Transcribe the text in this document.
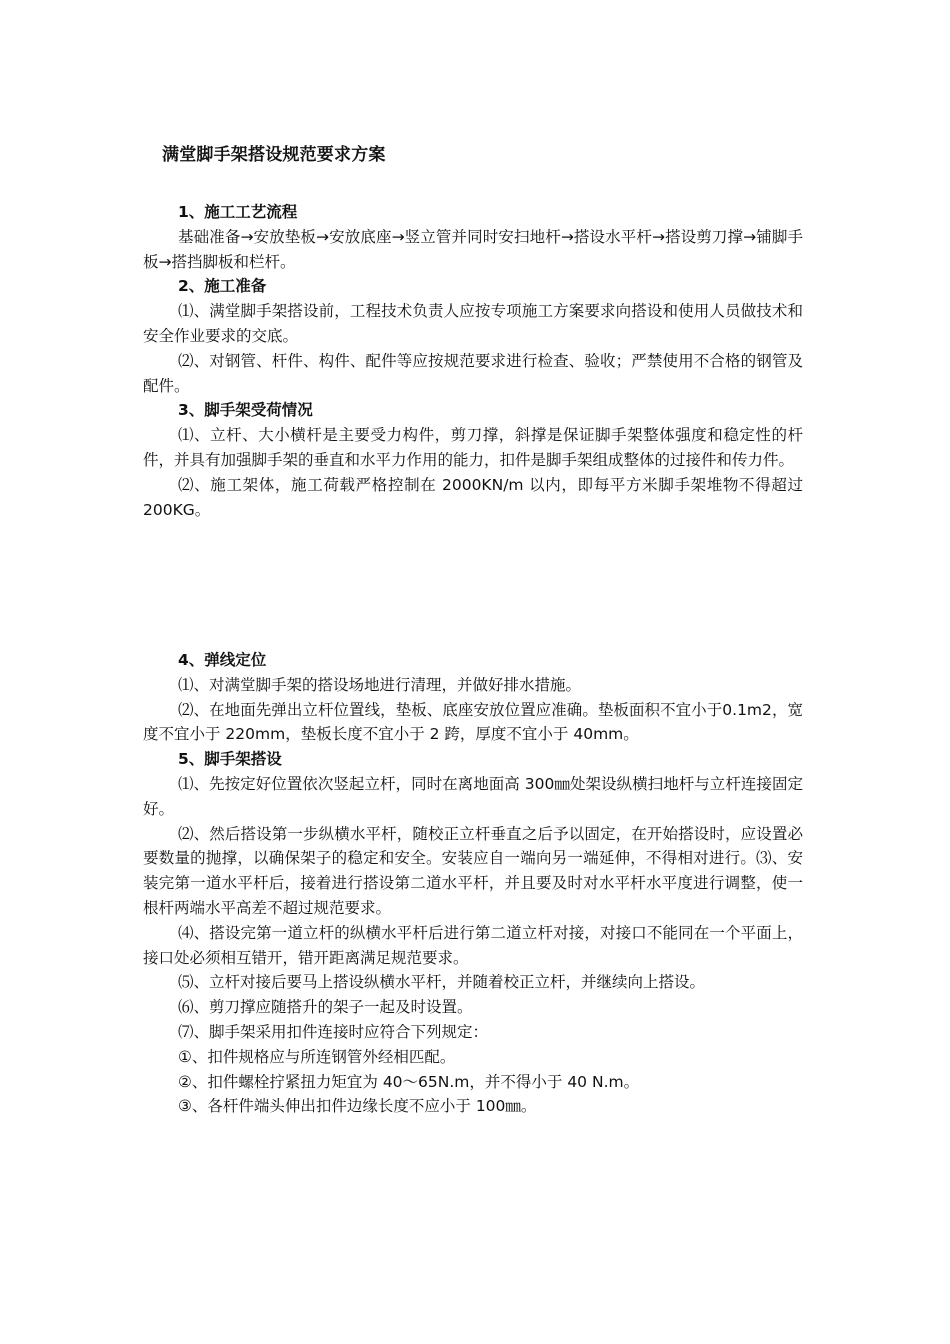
满堂脚手架搭设规范要求方案

1、施工工艺流程

基础准备→安放垫板→安放底座→竖立管并同时安扫地杆→搭设水平杆→搭设剪刀撑→铺脚手板→搭挡脚板和栏杆。

2、施工准备

⑴、满堂脚手架搭设前，工程技术负责人应按专项施工方案要求向搭设和使用人员做技术和安全作业要求的交底。

⑵、对钢管、杆件、构件、配件等应按规范要求进行检查、验收；严禁使用不合格的钢管及配件。

3、脚手架受荷情况

⑴、立杆、大小横杆是主要受力构件，剪刀撑，斜撑是保证脚手架整体强度和稳定性的杆件，并具有加强脚手架的垂直和水平力作用的能力，扣件是脚手架组成整体的过接件和传力件。

⑵、施工架体，施工荷载严格控制在 2000KN/m 以内，即每平方米脚手架堆物不得超过 200KG。

4、弹线定位

⑴、对满堂脚手架的搭设场地进行清理，并做好排水措施。

⑵、在地面先弹出立杆位置线，垫板、底座安放位置应准确。垫板面积不宜小于0.1m2，宽度不宜小于 220mm，垫板长度不宜小于 2 跨，厚度不宜小于 40mm。

5、脚手架搭设

⑴、先按定好位置依次竖起立杆，同时在离地面高 300㎜处架设纵横扫地杆与立杆连接固定好。

⑵、然后搭设第一步纵横水平杆，随校正立杆垂直之后予以固定，在开始搭设时，应设置必要数量的抛撑，以确保架子的稳定和安全。安装应自一端向另一端延伸，不得相对进行。⑶、安装完第一道水平杆后，接着进行搭设第二道水平杆，并且要及时对水平杆水平度进行调整，使一根杆两端水平高差不超过规范要求。

⑷、搭设完第一道立杆的纵横水平杆后进行第二道立杆对接，对接口不能同在一个平面上，接口处必须相互错开，错开距离满足规范要求。

⑸、立杆对接后要马上搭设纵横水平杆，并随着校正立杆，并继续向上搭设。

⑹、剪刀撑应随搭升的架子一起及时设置。

⑺、脚手架采用扣件连接时应符合下列规定：

①、扣件规格应与所连钢管外经相匹配。

②、扣件螺栓拧紧扭力矩宜为 40～65N.m，并不得小于 40 N.m。

③、各杆件端头伸出扣件边缘长度不应小于 100㎜。
